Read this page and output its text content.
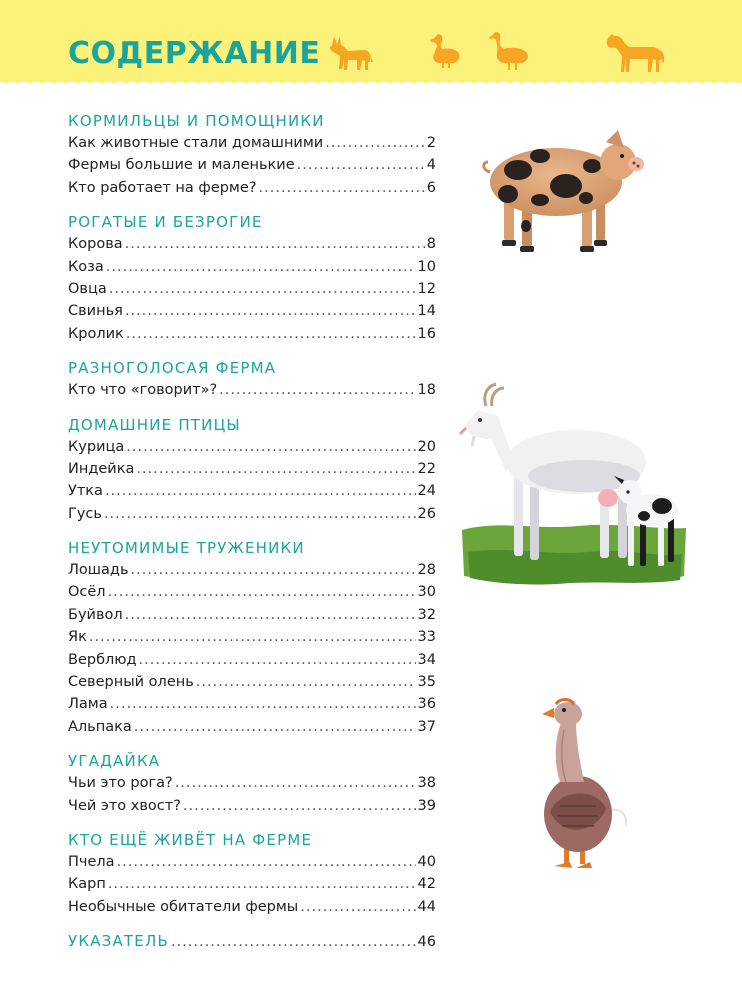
СОДЕРЖАНИЕ
КОРМИЛЬЦЫ И ПОМОЩНИКИ
Как животные стали домашними .....	2
Фермы большие и маленькие .....	4
Кто работает на ферме? .....	6
РОГАТЫЕ И БЕЗРОГИЕ
Корова .....	8
Коза .....	10
Овца .....	12
Свинья .....	14
Кролик .....	16
РАЗНОГОЛОСАЯ ФЕРМА
Кто что «говорит»? .....	18
ДОМАШНИЕ ПТИЦЫ
Курица .....	20
Индейка .....	22
Утка .....	24
Гусь .....	26
НЕУТОМИМЫЕ ТРУЖЕНИКИ
Лошадь .....	28
Осёл .....	30
Буйвол .....	32
Як .....	33
Верблюд .....	34
Северный олень .....	35
Лама .....	36
Альпака .....	37
УГАДАЙКА
Чьи это рога? .....	38
Чей это хвост? .....	39
КТО ЕЩЁ ЖИВЁТ НА ФЕРМЕ
Пчела .....	40
Карп .....	42
Необычные обитатели фермы .....	44
УКАЗАТЕЛЬ .....	46
